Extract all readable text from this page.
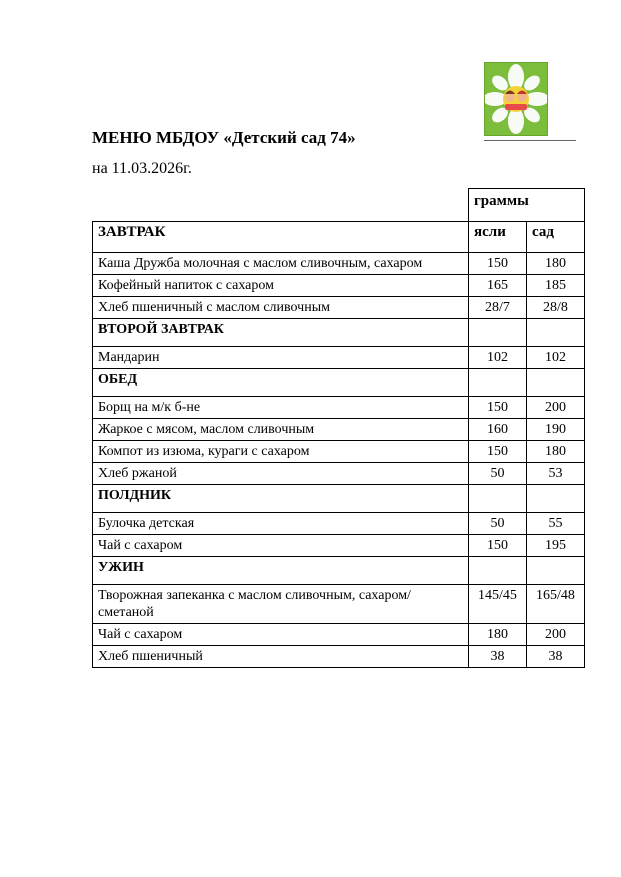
МЕНЮ МБДОУ «Детский сад 74»
на 11.03.2026г.
	граммы	
ЗАВТРАК	ясли	сад
Каша Дружба молочная с маслом сливочным, сахаром	150	180
Кофейный напиток с сахаром	165	185
Хлеб пшеничный с маслом сливочным	28/7	28/8
ВТОРОЙ ЗАВТРАК		
Мандарин	102	102
ОБЕД		
Борщ на м/к б-не	150	200
Жаркое с мясом, маслом сливочным	160	190
Компот из изюма, кураги с сахаром	150	180
Хлеб ржаной	50	53
ПОЛДНИК		
Булочка детская	50	55
Чай с сахаром	150	195
УЖИН		
Творожная запеканка с маслом сливочным, сахаром/сметаной	145/45	165/48
Чай с сахаром	180	200
Хлеб пшеничный	38	38
